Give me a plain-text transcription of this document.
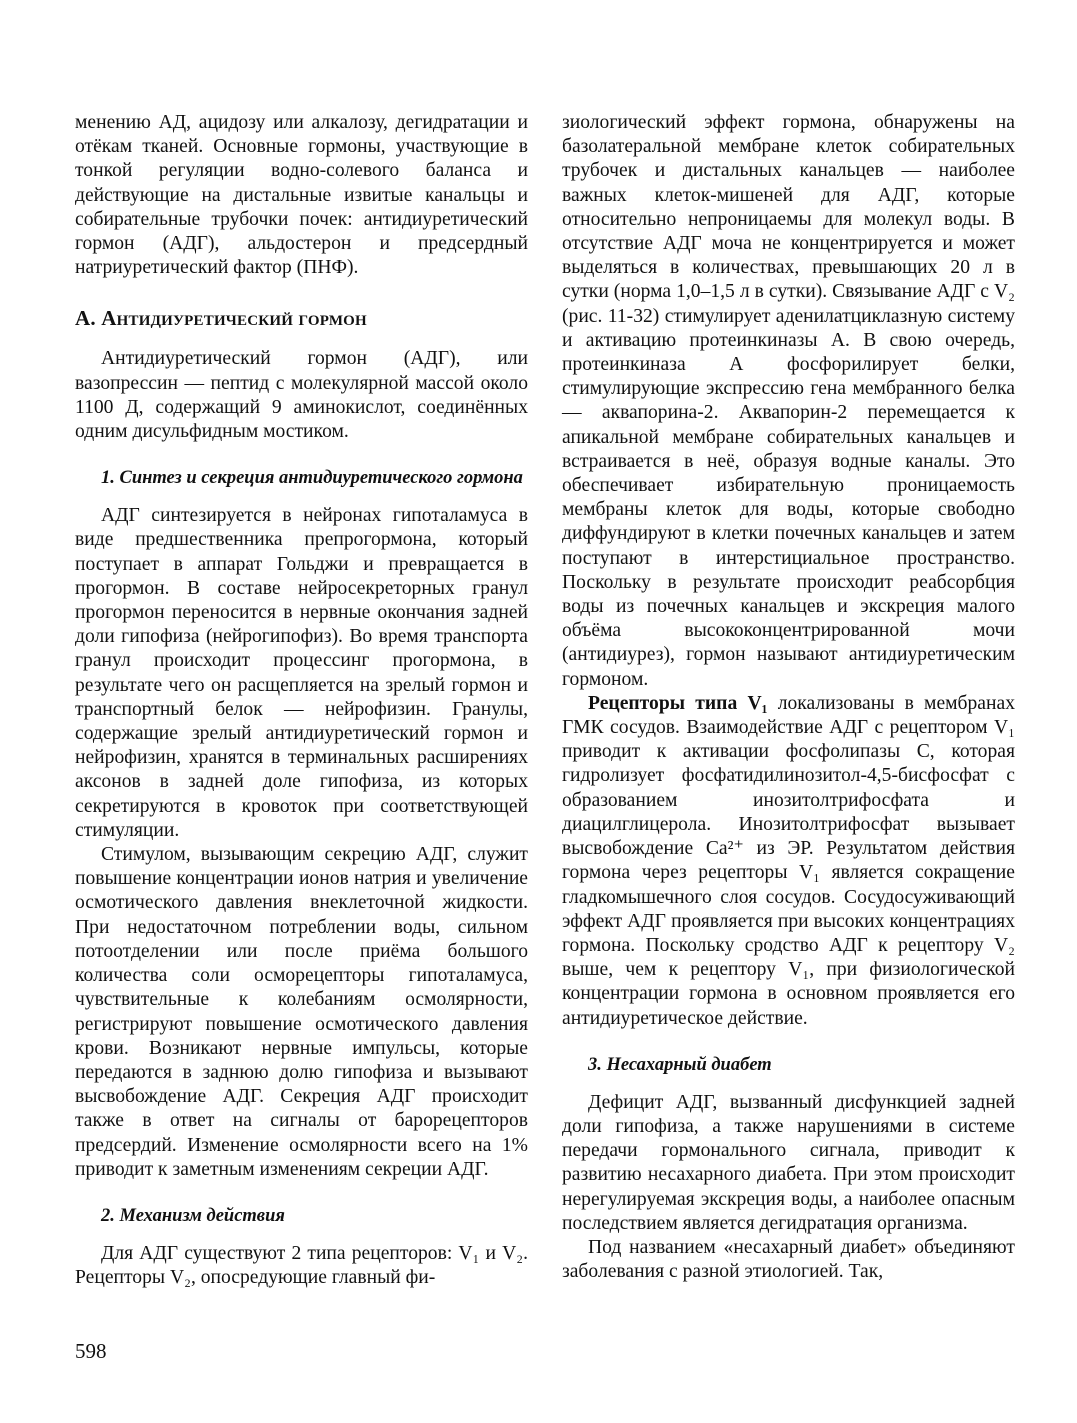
менению АД, ацидозу или алкалозу, дегидратации и отёкам тканей. Основные гормоны, участвующие в тонкой регуляции водно-солевого баланса и действующие на дистальные извитые канальцы и собирательные трубочки почек: антидиуретический гормон (АДГ), альдостерон и предсердный натриуретический фактор (ПНФ).

А. Антидиуретический гормон

Антидиуретический гормон (АДГ), или вазопрессин — пептид с молекулярной массой около 1100 Д, содержащий 9 аминокислот, соединённых одним дисульфидным мостиком.

1. Синтез и секреция антидиуретического гормона

АДГ синтезируется в нейронах гипоталамуса в виде предшественника препрогормона, который поступает в аппарат Гольджи и превращается в прогормон. В составе нейросекреторных гранул прогормон переносится в нервные окончания задней доли гипофиза (нейрогипофиз). Во время транспорта гранул происходит процессинг прогормона, в результате чего он расщепляется на зрелый гормон и транспортный белок — нейрофизин. Гранулы, содержащие зрелый антидиуретический гормон и нейрофизин, хранятся в терминальных расширениях аксонов в задней доле гипофиза, из которых секретируются в кровоток при соответствующей стимуляции.

Стимулом, вызывающим секрецию АДГ, служит повышение концентрации ионов натрия и увеличение осмотического давления внеклеточной жидкости. При недостаточном потреблении воды, сильном потоотделении или после приёма большого количества соли осморецепторы гипоталамуса, чувствительные к колебаниям осмолярности, регистрируют повышение осмотического давления крови. Возникают нервные импульсы, которые передаются в заднюю долю гипофиза и вызывают высвобождение АДГ. Секреция АДГ происходит также в ответ на сигналы от барорецепторов предсердий. Изменение осмолярности всего на 1% приводит к заметным изменениям секреции АДГ.

2. Механизм действия

Для АДГ существуют 2 типа рецепторов: V₁ и V₂. Рецепторы V₂, опосредующие главный фи-

зиологический эффект гормона, обнаружены на базолатеральной мембране клеток собирательных трубочек и дистальных канальцев — наиболее важных клеток-мишеней для АДГ, которые относительно непроницаемы для молекул воды. В отсутствие АДГ моча не концентрируется и может выделяться в количествах, превышающих 20 л в сутки (норма 1,0–1,5 л в сутки). Связывание АДГ с V₂ (рис. 11-32) стимулирует аденилатциклазную систему и активацию протеинкиназы А. В свою очередь, протеинкиназа А фосфорилирует белки, стимулирующие экспрессию гена мембранного белка — аквапорина-2. Аквапорин-2 перемещается к апикальной мембране собирательных канальцев и встраивается в неё, образуя водные каналы. Это обеспечивает избирательную проницаемость мембраны клеток для воды, которые свободно диффундируют в клетки почечных канальцев и затем поступают в интерстициальное пространство. Поскольку в результате происходит реабсорбция воды из почечных канальцев и экскреция малого объёма высококонцентрированной мочи (антидиурез), гормон называют антидиуретическим гормоном.

Рецепторы типа V₁ локализованы в мембранах ГМК сосудов. Взаимодействие АДГ с рецептором V₁ приводит к активации фосфолипазы С, которая гидролизует фосфатидилинозитол-4,5-бисфосфат с образованием инозитолтрифосфата и диацилглицерола. Инозитолтрифосфат вызывает высвобождение Са²⁺ из ЭР. Результатом действия гормона через рецепторы V₁ является сокращение гладкомышечного слоя сосудов. Сосудосуживающий эффект АДГ проявляется при высоких концентрациях гормона. Поскольку сродство АДГ к рецептору V₂ выше, чем к рецептору V₁, при физиологической концентрации гормона в основном проявляется его антидиуретическое действие.

3. Несахарный диабет

Дефицит АДГ, вызванный дисфункцией задней доли гипофиза, а также нарушениями в системе передачи гормонального сигнала, приводит к развитию несахарного диабета. При этом происходит нерегулируемая экскреция воды, а наиболее опасным последствием является дегидратация организма.

Под названием «несахарный диабет» объединяют заболевания с разной этиологией. Так,

598
